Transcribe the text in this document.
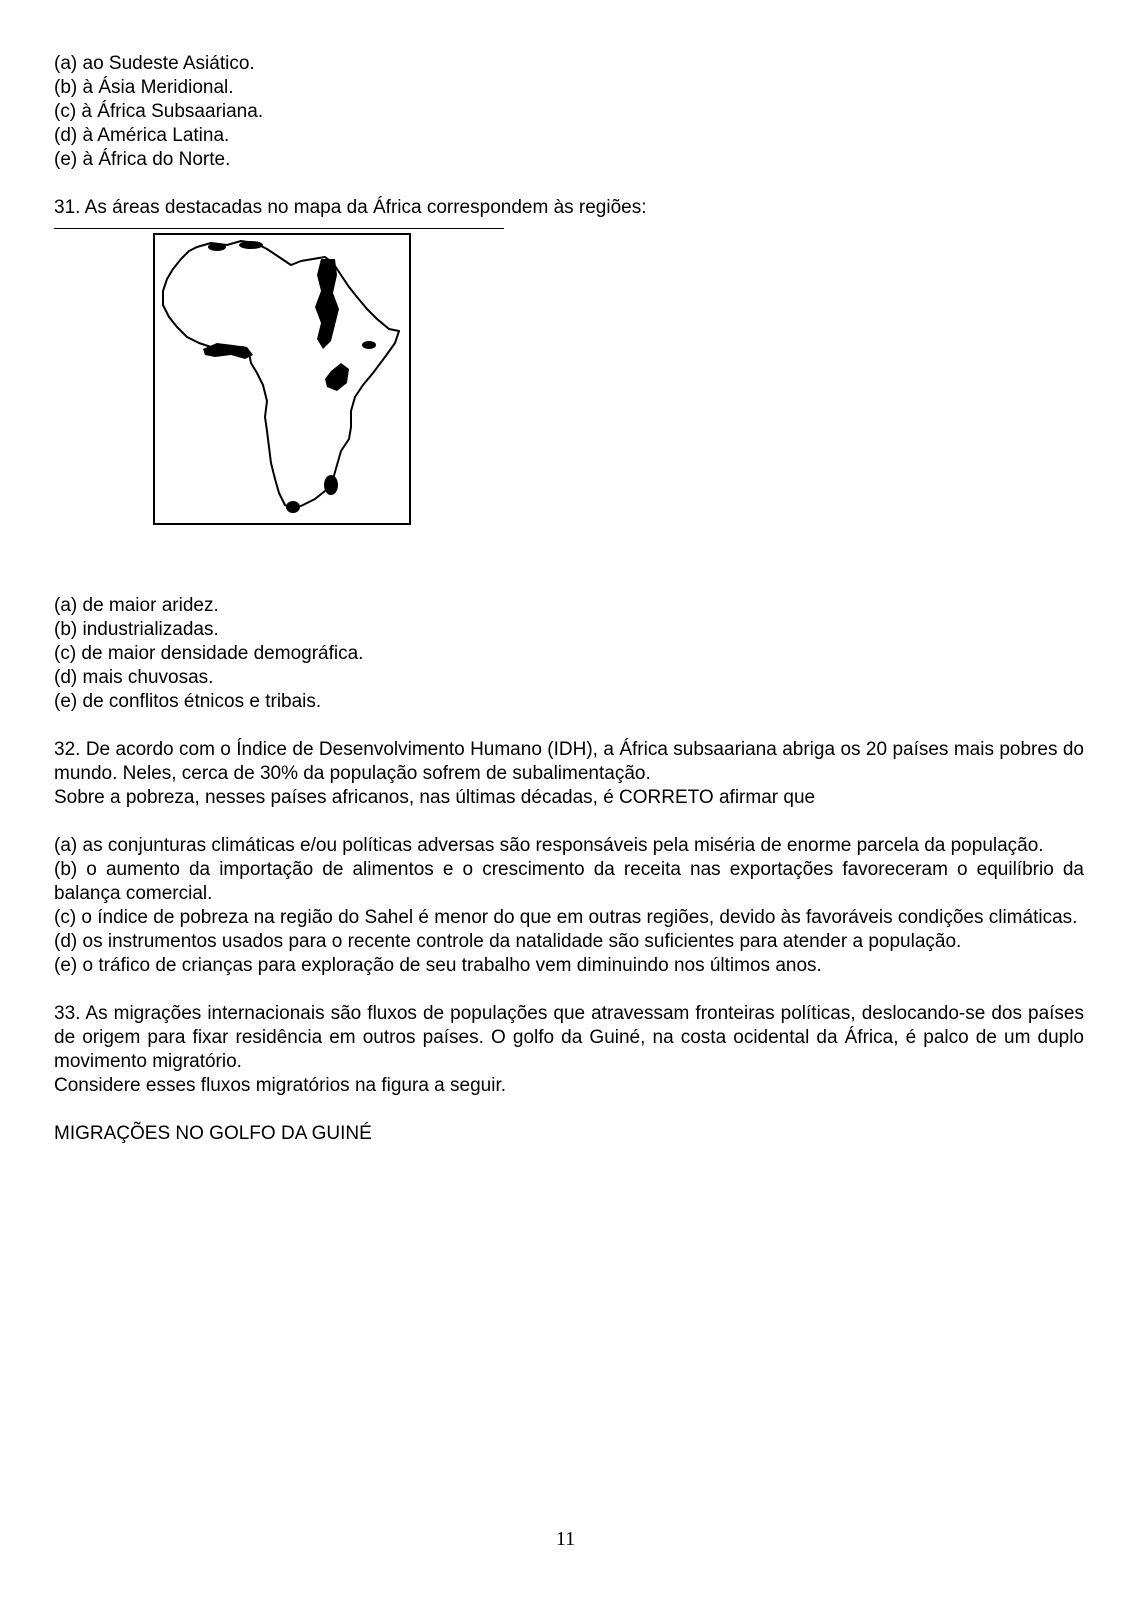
(a) ao Sudeste Asiático.

(b) à Ásia Meridional.

(c) à África Subsaariana.

(d) à América Latina.

(e) à África do Norte.

31. As áreas destacadas no mapa da África correspondem às regiões:

(a) de maior aridez.

(b) industrializadas.

(c) de maior densidade demográfica.

(d) mais chuvosas.

(e) de conflitos étnicos e tribais.

32. De acordo com o Índice de Desenvolvimento Humano (IDH), a África subsaariana abriga os 20 países mais pobres do mundo. Neles, cerca de 30% da população sofrem de subalimentação.

Sobre a pobreza, nesses países africanos, nas últimas décadas, é CORRETO afirmar que

(a) as conjunturas climáticas e/ou políticas adversas são responsáveis pela miséria de enorme parcela da população.

(b) o aumento da importação de alimentos e o crescimento da receita nas exportações favoreceram o equilíbrio da balança comercial.

(c) o índice de pobreza na região do Sahel é menor do que em outras regiões, devido às favoráveis condições climáticas.

(d) os instrumentos usados para o recente controle da natalidade são suficientes para atender a população.

(e) o tráfico de crianças para exploração de seu trabalho vem diminuindo nos últimos anos.

33. As migrações internacionais são fluxos de populações que atravessam fronteiras políticas, deslocando-se dos países de origem para fixar residência em outros países. O golfo da Guiné, na costa ocidental da África, é palco de um duplo movimento migratório.

Considere esses fluxos migratórios na figura a seguir.

MIGRAÇÕES NO GOLFO DA GUINÉ

11
